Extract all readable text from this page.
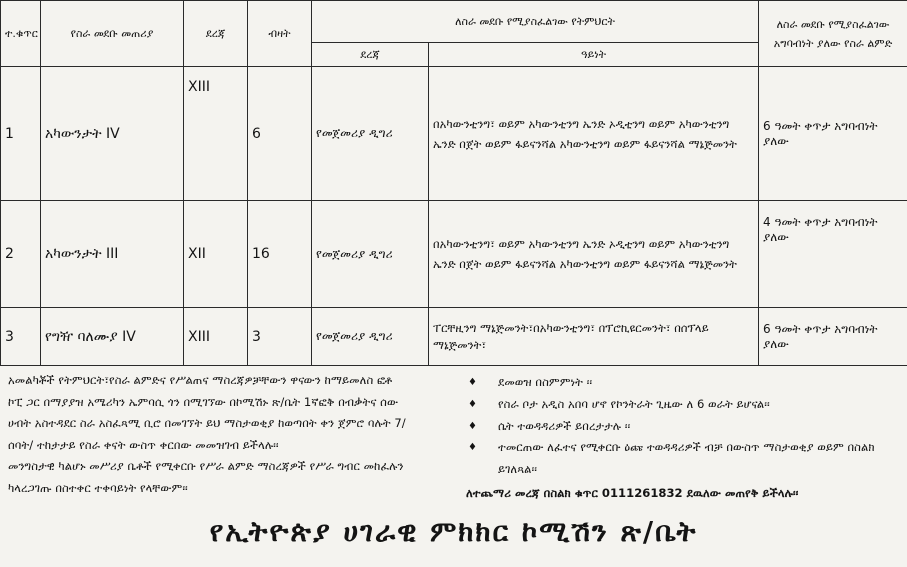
ተ.ቁጥር	የስራ መደቡ መጠሪያ	ደረጃ	ብዛት	ለስራ መደቡ የሚያስፈልገው የትምህርት		ለስራ መደቡ የሚያስፈልገው አግባብነት ያለው የስራ ልምድ
				ደረጃ	ዓይነት	
1	አካውንታት IV	XIII	6	የመጀመሪያ ዲግሪ	በአካውንቲንግ፣ ወይም አካውንቲንግ ኤንድ ኦዲቲንግ ወይም አካውንቲንግ ኤንድ በጀት ወይም ፋይናንሻል አካውንቲንግ ወይም ፋይናንሻል ማኔጅመንት	6 ዓመት ቀጥታ አግባብነት ያለው
2	አካውንታት III	XII	16	የመጀመሪያ ዲግሪ	በአካውንቲንግ፣ ወይም አካውንቲንግ ኤንድ ኦዲቲንግ ወይም አካውንቲንግ ኤንድ በጀት ወይም ፋይናንሻል አካውንቲንግ ወይም ፋይናንሻል ማኔጅመንት	4 ዓመት ቀጥታ አግባብነት ያለው
3	የግዥ ባለሙያ IV	XIII	3	የመጀመሪያ ዲግሪ	ፐርቸዚንግ ማኔጅመንት፣በአካውንቲንግ፣ በፕሮኪዩርመንት፣ በሰፕላይ ማኔጅመንት፣	6 ዓመት ቀጥታ አግባብነት ያለው
አመልካቾች የትምህርት፣የስራ ልምድና የሥልጠና ማስረጃዎቻቸውን ዋናውን ከማይመለስ ፎቶ
ኮፒ ጋር በማያያዝ አሜሪካን ኤምባሲ ጎን በሚገኘው በኮሚሽኑ ጽ/ቤት 1ኛፎቅ በብቃትና ሰው
ሀብት አስተዳደር ስራ አስፈጻሚ ቢሮ በመገኘት ይህ ማስታወቂያ ከወጣበት ቀን ጀምሮ ባሉት 7/
ሰባት/ ተከታታይ የስራ ቀናት ውስጥ ቀርበው መመዝገብ ይችላሉ፡፡
መንግስታዊ ካልሆኑ መሥሪያ ቤቶች የሚቀርቡ የሥራ ልምድ ማስረጃዎች የሥራ ግብር መከፈሉን
ካላረጋገጡ በስተቀር ተቀባይነት የላቸውም፡፡
♦ ደመወዝ በስምምነት ፡፡
♦ የስራ ቦታ አዲስ አበባ ሆኖ የኮንትራት ጊዜው ለ 6 ወራት ይሆናል፡፡
♦ ሴት ተወዳዳሪዎች ይበረታታሉ ፡፡
♦ ተመርጠው ለፈተና የሚቀርቡ ዕጩ ተወዳዳሪዎች ብቻ በውስጥ ማስታወቂያ ወይም በስልክ ይገለጻል፡፡
ለተጨማሪ መረጃ በስልክ ቁጥር 0111261832 ደዉለው መጠየቅ ይችላሉ፡፡
የኢትዮጵያ ሀገራዊ ምክክር ኮሚሽን ጽ/ቤት
